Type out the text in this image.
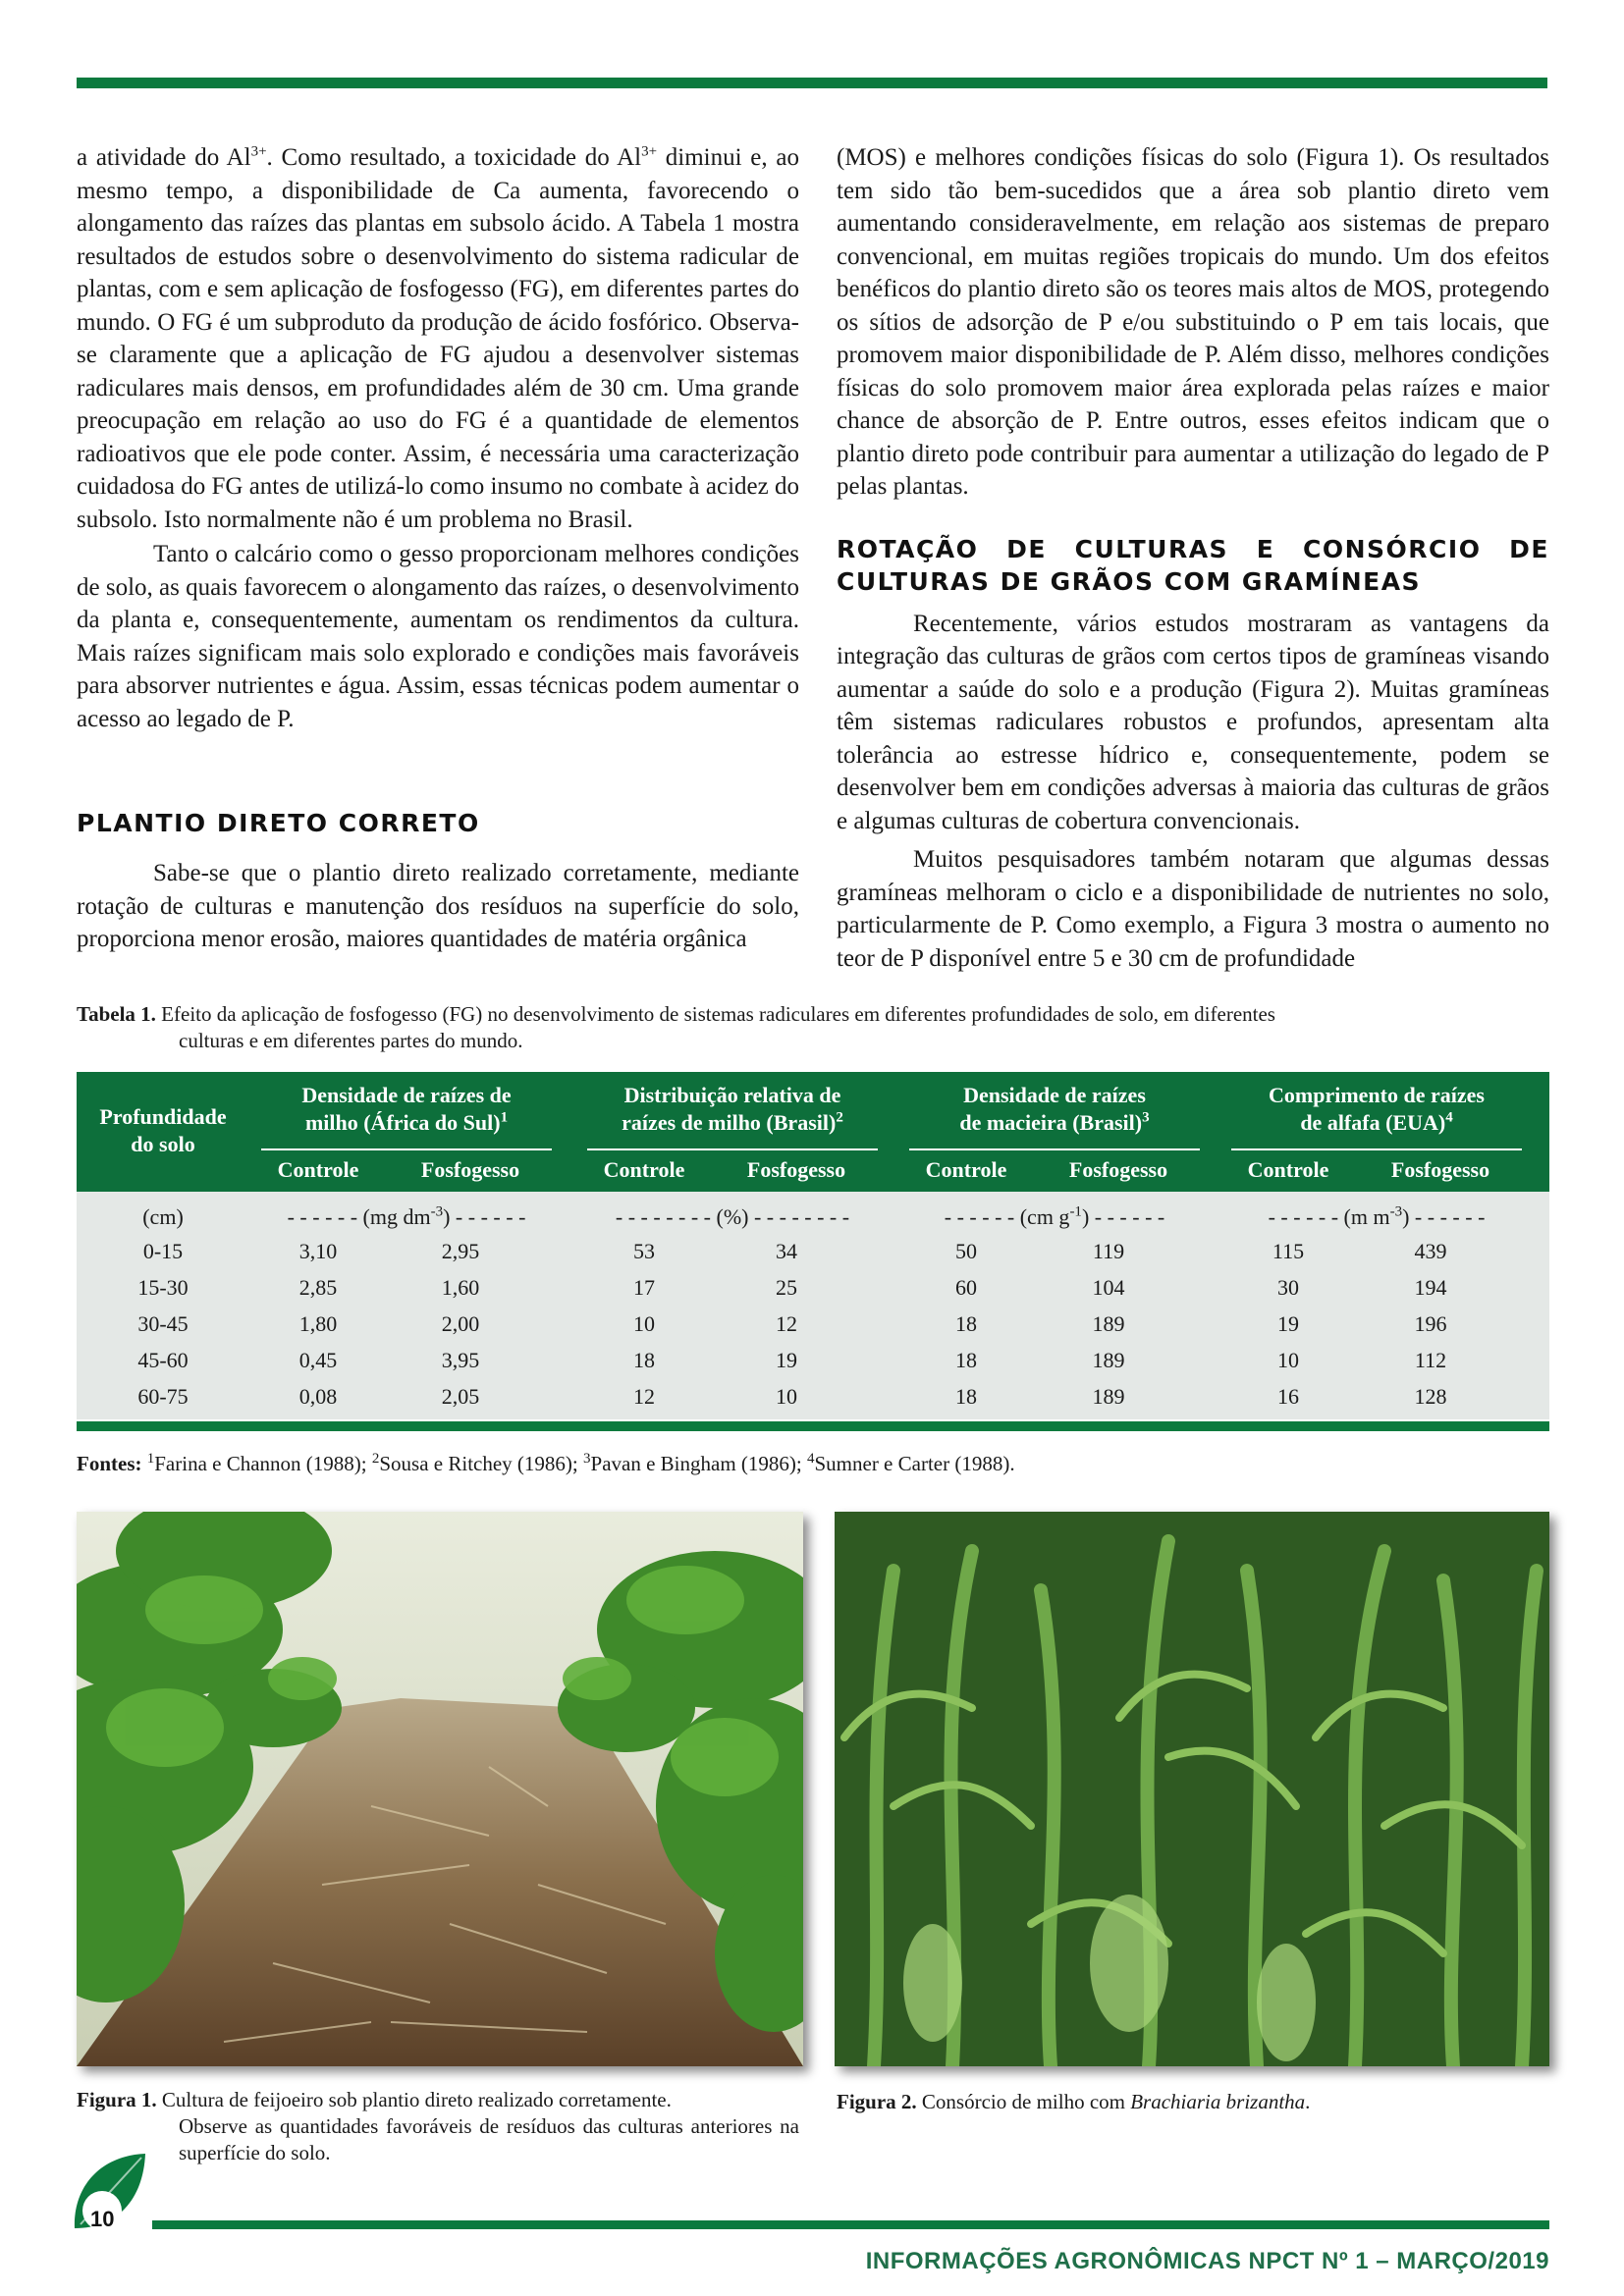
a atividade do $Al^{3+}$. Como resultado, a toxicidade do $Al^{3+}$ diminui e, ao mesmo tempo, a disponibilidade de Ca aumenta, favorecendo o alongamento das raízes das plantas em subsolo ácido. A Tabela 1 mostra resultados de estudos sobre o desenvolvimento do sistema radicular de plantas, com e sem aplicação de fosfogesso (FG), em diferentes partes do mundo. O FG é um subproduto da produção de ácido fosfórico. Observa-se claramente que a aplicação de FG ajudou a desenvolver sistemas radiculares mais densos, em profundidades além de 30 cm. Uma grande preocupação em relação ao uso do FG é a quantidade de elementos radioativos que ele pode conter. Assim, é necessária uma caracterização cuidadosa do FG antes de utilizá-lo como insumo no combate à acidez do subsolo. Isto normalmente não é um problema no Brasil.

Tanto o calcário como o gesso proporcionam melhores condições de solo, as quais favorecem o alongamento das raízes, o desenvolvimento da planta e, consequentemente, aumentam os rendimentos da cultura. Mais raízes significam mais solo explorado e condições mais favoráveis para absorver nutrientes e água. Assim, essas técnicas podem aumentar o acesso ao legado de P.

PLANTIO DIRETO CORRETO

Sabe-se que o plantio direto realizado corretamente, mediante rotação de culturas e manutenção dos resíduos na superfície do solo, proporciona menor erosão, maiores quantidades de matéria orgânica

(MOS) e melhores condições físicas do solo (Figura 1). Os resultados tem sido tão bem-sucedidos que a área sob plantio direto vem aumentando consideravelmente, em relação aos sistemas de preparo convencional, em muitas regiões tropicais do mundo. Um dos efeitos benéficos do plantio direto são os teores mais altos de MOS, protegendo os sítios de adsorção de P e/ou substituindo o P em tais locais, que promovem maior disponibilidade de P. Além disso, melhores condições físicas do solo promovem maior área explorada pelas raízes e maior chance de absorção de P. Entre outros, esses efeitos indicam que o plantio direto pode contribuir para aumentar a utilização do legado de P pelas plantas.

ROTAÇÃO DE CULTURAS E CONSÓRCIO DE CULTURAS DE GRÃOS COM GRAMÍNEAS

Recentemente, vários estudos mostraram as vantagens da integração das culturas de grãos com certos tipos de gramíneas visando aumentar a saúde do solo e a produção (Figura 2). Muitas gramíneas têm sistemas radiculares robustos e profundos, apresentam alta tolerância ao estresse hídrico e, consequentemente, podem se desenvolver bem em condições adversas à maioria das culturas de grãos e algumas culturas de cobertura convencionais.

Muitos pesquisadores também notaram que algumas dessas gramíneas melhoram o ciclo e a disponibilidade de nutrientes no solo, particularmente de P. Como exemplo, a Figura 3 mostra o aumento no teor de P disponível entre 5 e 30 cm de profundidade

Tabela 1. Efeito da aplicação de fosfogesso (FG) no desenvolvimento de sistemas radiculares em diferentes profundidades de solo, em diferentes
culturas e em diferentes partes do mundo.
Profundidade
do solo
Densidade de raízes de
milho (África do Sul)$^1$
Distribuição relativa de
raízes de milho (Brasil)$^2$
Densidade de raízes
de macieira (Brasil)$^3$
Comprimento de raízes
de alfafa (EUA)$^4$
Controle	Fosfogesso	Controle	Fosfogesso	Controle	Fosfogesso	Controle	Fosfogesso
(cm)	- - - - - - (mg $dm^{-3}$) - - - - - -	- - - - - - - - (%) - - - - - - - -	- - - - - - (cm $g^{-1}$) - - - - - -	- - - - - - (m $m^{-3}$) - - - - - -
0-15	3,10	2,95	53	34	50	119	115	439
15-30	2,85	1,60	17	25	60	104	30	194
30-45	1,80	2,00	10	12	18	189	19	196
45-60	0,45	3,95	18	19	18	189	10	112
60-75	0,08	2,05	12	10	18	189	16	128
Fontes: $^1$Farina e Channon (1988); $^2$Sousa e Ritchey (1986); $^3$Pavan e Bingham (1986); $^4$Sumner e Carter (1988).
Figura 1. Cultura de feijoeiro sob plantio direto realizado corretamente.
Observe as quantidades favoráveis de resíduos das culturas anteriores na superfície do solo.
Figura 2. Consórcio de milho com Brachiaria brizantha.
10
INFORMAÇÕES AGRONÔMICAS NPCT Nº 1 – MARÇO/2019
